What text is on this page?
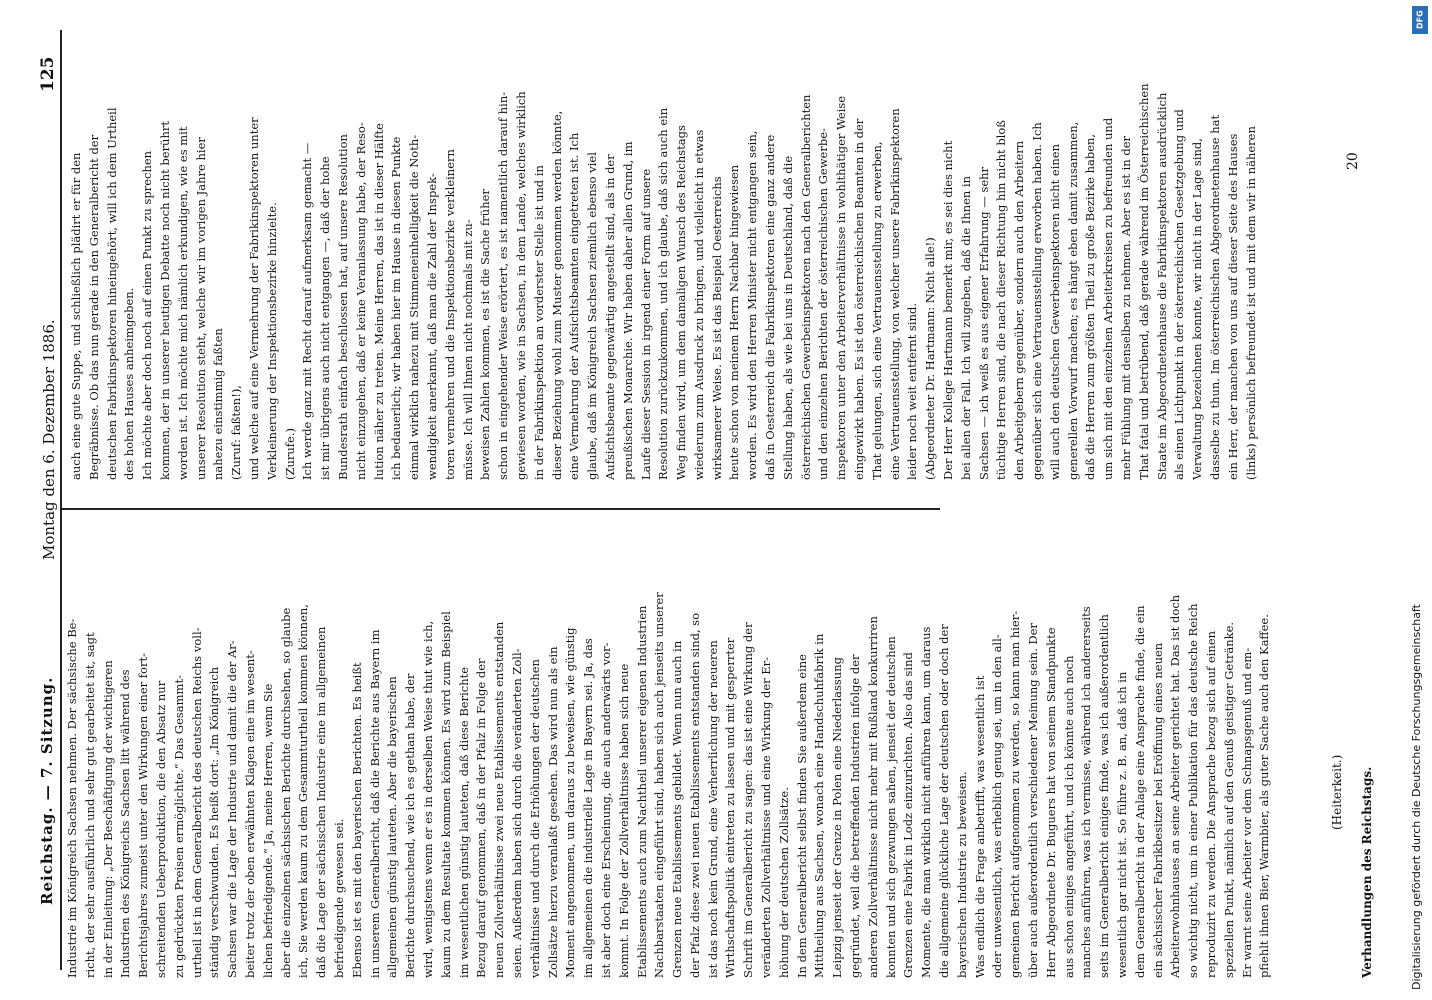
Reichstag. — 7. Sitzung.
Montag den 6. Dezember 1886.
125
Industrie im Königreich Sachsen nehmen. Der sächsische Be- richt, der sehr ausführlich und sehr gut gearbeitet ist, sagt in der Einleitung: „Der Beschäftigung der wichtigeren Industrien des Königreichs Sachsen litt während des Berichtsjahres zumeist unter den Wirkungen einer fort- schreitenden Ueberproduktion, die den Absatz nur zu gedrückten Preisen ermöglichte.“ Das Gesammt- urtheil ist in dem Generalbericht des deutschen Reichs voll- ständig verschwunden. Es heißt dort: „Im Königreich Sachsen war die Lage der Industrie und damit die der Ar- beiter trotz der oben erwähnten Klagen eine im wesent- lichen befriedigende.“ Ja, meine Herren, wenn Sie aber die einzelnen sächsischen Berichte durchsehen, so glaube ich, Sie werden kaum zu dem Gesammturtheil kommen können, daß die Lage der sächsischen Industrie eine im allgemeinen befriedigende gewesen sei. Ebenso ist es mit den bayerischen Berichten. Es heißt in unserem Generalbericht, daß die Berichte aus Bayern im allgemeinen günstig lauteten. Aber die bayerischen Berichte durchsuchend, wie ich es gethan habe, der wird, wenigstens wenn er es in derselben Weise thut wie ich, kaum zu dem Resultate kommen können. Es wird zum Beispiel im wesentlichen günstig lauteten, daß diese Berichte Bezug darauf genommen, daß in der Pfalz in Folge der neuen Zollverhältnisse zwei neue Etablissements entstanden seien. Außerdem haben sich durch die veränderten Zoll- verhältnisse und durch die Erhöhungen der deutschen Zollsätze hierzu veranlaßt gesehen. Das wird nun als ein Moment angenommen, um daraus zu beweisen, wie günstig im allgemeinen die industrielle Lage in Bayern sei. Ja, das ist aber doch eine Erscheinung, die auch anderwärts vor- kommt. In Folge der Zollverhältnisse haben sich neue Etablissements auch zum Nachtheil unserer eigenen Industrien Nachbarstaaten eingeführt sind, haben sich auch jenseits unserer Grenzen neue Etablissements gebildet. Wenn nun auch in der Pfalz diese zwei neuen Etablissements entstanden sind, so ist das noch kein Grund, eine Verherrlichung der neueren Wirthschaftspolitik eintreten zu lassen und mit gesperrter Schrift im Generalbericht zu sagen: das ist eine Wirkung der veränderten Zollverhältnisse und eine Wirkung der Er- höhung der deutschen Zollsätze. In dem Generalbericht selbst finden Sie außerdem eine Mittheilung aus Sachsen, wonach eine Handschuhfabrik in Leipzig jenseit der Grenze in Polen eine Niederlassung gegründet, weil die betreffenden Industrien infolge der anderen Zollverhältnisse nicht mehr mit Rußland konkurriren konnten und sich gezwungen sahen, jenseit der deutschen Grenzen eine Fabrik in Lodz einzurichten. Also das sind Momente, die man wirklich nicht anführen kann, um daraus die allgemeine glückliche Lage der deutschen oder doch der bayerischen Industrie zu beweisen. Was endlich die Frage anbetrifft, was wesentlich ist oder unwesentlich, was erheblich genug sei, um in den all- gemeinen Bericht aufgenommen zu werden, so kann man hier- über auch außerordentlich verschiedener Meinung sein. Der Herr Abgeordnete Dr. Buguers hat von seinem Standpunkte aus schon einiges angeführt, und ich könnte auch noch manches anführen, was ich vermisse, während ich andererseits seits im Generalbericht einiges finde, was ich außerordentlich wesentlich gar nicht ist. So führe z. B. an, daß ich in dem Generalbericht in der Anlage eine Ansprache finde, die ein ein sächsischer Fabrikbesitzer bei Eröffnung eines neuen Arbeiterwohnhauses an seine Arbeiter gerichtet hat. Das ist doch so wichtig nicht, um in einer Publikation für das deutsche Reich reproduzirt zu werden. Die Ansprache bezog sich auf einen speziellen Punkt, nämlich auf den Genuß geistiger Getränke. Er warnt seine Arbeiter vor dem Schnapsgenuß und em- pfiehlt ihnen Bier, Warmbier, als guter Sache auch den Kaffee.
auch eine gute Suppe, und schließlich plädirt er für den Begräbnisse. Ob das nun gerade in den Generalbericht der deutschen Fabrikinspektoren hineingehört, will ich dem Urtheil des hohen Hauses anheimgeben. Ich möchte aber doch noch auf einen Punkt zu sprechen kommen, der in unserer heutigen Debatte noch nicht berührt worden ist. Ich möchte mich nämlich erkundigen, wie es mit unserer Resolution steht, welche wir im vorigen Jahre hier nahezu einstimmig faßten (Zuruf: faßten!), und welche auf eine Vermehrung der Fabrikinspektoren unter Verkleinerung der Inspektionsbezirke hinzielte. (Zurufe.) Ich werde ganz mit Recht darauf aufmerksam gemacht — ist mir übrigens auch nicht entgangen —, daß der hohe Bundesrath einfach beschlossen hat, auf unsere Resolution nicht einzugehen, daß er keine Veranlassung habe, der Reso- lution näher zu treten. Meine Herren, das ist in dieser Hälfte ich bedauerlich; wir haben hier im Hause in diesen Punkte einmal wirklich nahezu mit Stimmeneinhelligkeit die Noth- wendigkeit anerkannt, daß man die Zahl der Inspek- toren vermehren und die Inspektionsbezirke verkleinern müsse. Ich will Ihnen nicht nochmals mit zu- beweisen Zahlen kommen, es ist die Sache früher schon in eingehender Weise erörtert, es ist namentlich darauf hin- gewiesen worden, wie in Sachsen, in dem Lande, welches wirklich in der Fabrikinspektion an vorderster Stelle ist und in dieser Beziehung wohl zum Muster genommen werden könnte, eine Vermehrung der Aufsichtsbeamten eingetreten ist. Ich glaube, daß im Königreich Sachsen ziemlich ebenso viel Aufsichtsbeamte gegenwärtig angestellt sind, als in der preußischen Monarchie. Wir haben daher allen Grund, im Laufe dieser Session in irgend einer Form auf unsere Resolution zurückzukommen, und ich glaube, daß sich auch ein Weg finden wird, um dem damaligen Wunsch des Reichstags wiederum zum Ausdruck zu bringen, und vielleicht in etwas wirksamerer Weise. Es ist das Beispiel Oesterreichs heute schon von meinem Herrn Nachbar hingewiesen worden. Es wird den Herren Minister nicht entgangen sein, daß in Oesterreich die Fabrikinspektoren eine ganz andere Stellung haben, als wie bei uns in Deutschland, daß die österreichischen Gewerbeinspektoren nach den Generalberichten und den einzelnen Berichten der österreichischen Gewerbe- inspektoren unter den Arbeiterverhältnisse in wohlthätiger Weise eingewirkt haben. Es ist den österreichischen Beamten in der That gelungen, sich eine Vertrauensstellung zu erwerben, eine Vertrauensstellung, von welcher unsere Fabrikinspektoren leider noch weit entfernt sind. (Abgeordneter Dr. Hartmann: Nicht alle!) Der Herr Kollege Hartmann bemerkt mir, es sei dies nicht bei allen der Fall. Ich will zugeben, daß die Ihnen in Sachsen — ich weiß es aus eigener Erfahrung — sehr tüchtige Herren sind, die nach dieser Richtung hin nicht bloß den Arbeitgebern gegenüber, sondern auch den Arbeitern gegenüber sich eine Vertrauensstellung erworben haben. Ich will auch den deutschen Gewerbeinspektoren nicht einen generellen Vorwurf machen; es hängt eben damit zusammen, daß die Herren zum größten Theil zu große Bezirke haben, um sich mit den einzelnen Arbeiterkreisen zu befreunden und mehr Fühlung mit denselben zu nehmen. Aber es ist in der That fatal und betrübend, daß gerade während im Österreichischen Staate im Abgeordnetenhause die Fabrikinspektoren ausdrücklich als einen Lichtpunkt in der österreichischen Gesetzgebung und Verwaltung bezeichnen konnte, wir nicht in der Lage sind, dasselbe zu thun. Im österreichischen Abgeordnetenhause hat ein Herr, der manchen von uns auf dieser Seite des Hauses (links) persönlich befreundet ist und mit dem wir in näheren
(Heiterkeit.) Verhandlungen des Reichstags.
20
Digitalisierung gefördert durch die Deutsche Forschungsgemeinschaft
DFG
